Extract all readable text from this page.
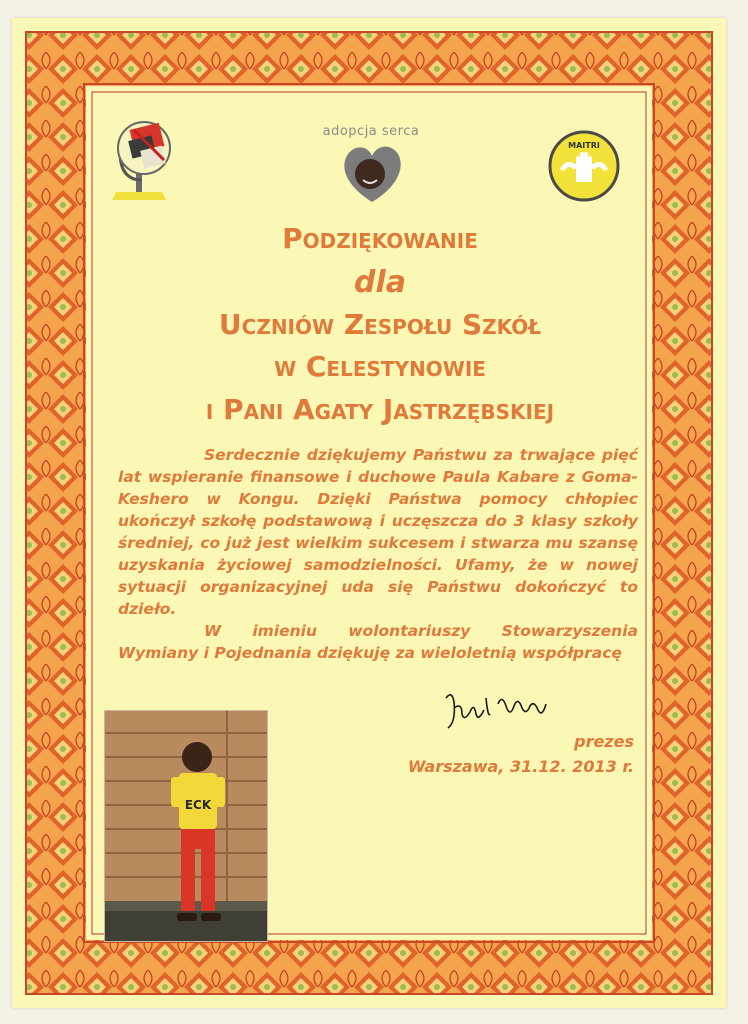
adopcja serca
MAITRI
Podziękowanie
dla
Uczniów Zespołu Szkół
w Celestynowie
i Pani Agaty Jastrzębskiej

Serdecznie dziękujemy Państwu za trwające pięć lat wspieranie finansowe i duchowe Paula Kabare z Goma-Keshero w Kongu. Dzięki Państwa pomocy chłopiec ukończył szkołę podstawową i uczęszcza do 3 klasy szkoły średniej, co już jest wielkim sukcesem i stwarza mu szansę uzyskania życiowej samodzielności. Ufamy, że w nowej sytuacji organizacyjnej uda się Państwu dokończyć to dzieło.

W imieniu wolontariuszy Stowarzyszenia Wymiany i Pojednania dziękuję za wieloletnią współpracę

prezes
Warszawa, 31.12. 2013 r.
ECK
